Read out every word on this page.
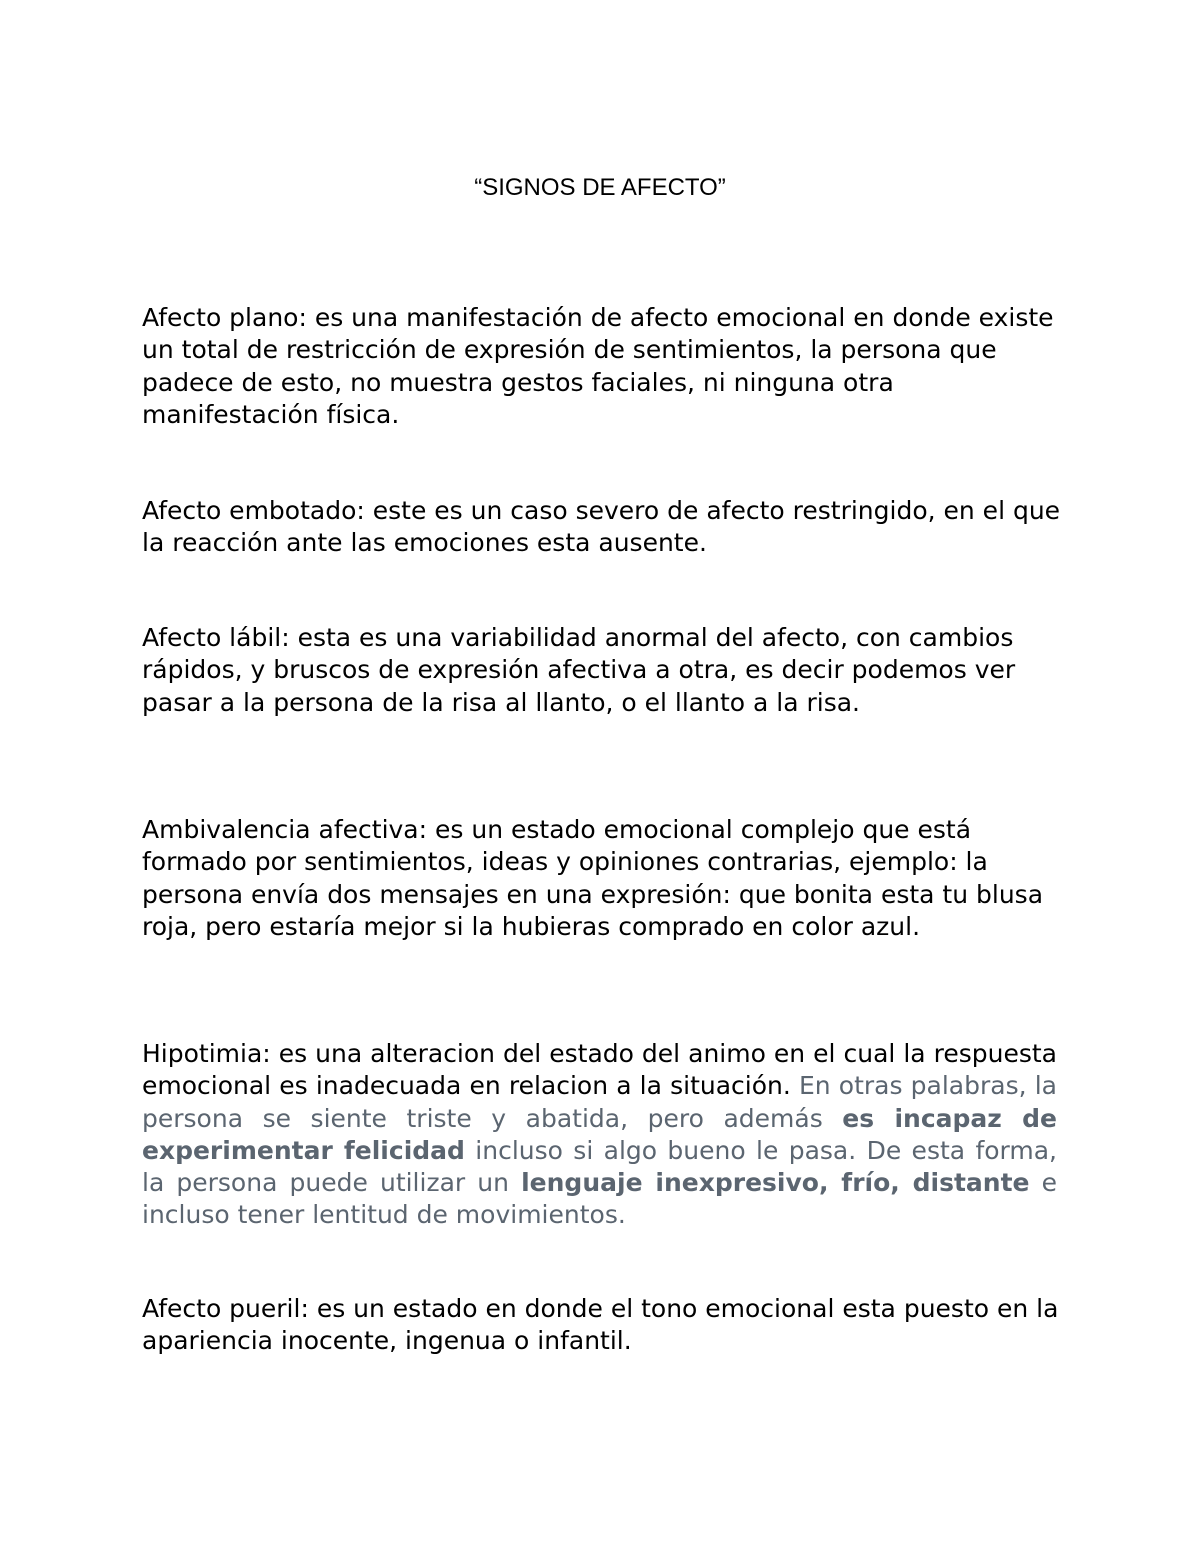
“SIGNOS DE AFECTO”

Afecto plano: es una manifestación de afecto emocional en donde existe un total de restricción de expresión de sentimientos, la persona que padece de esto, no muestra gestos faciales, ni ninguna otra manifestación física.

Afecto embotado: este es un caso severo de afecto restringido, en el que la reacción ante las emociones esta ausente.

Afecto lábil: esta es una variabilidad anormal del afecto, con cambios rápidos, y bruscos de expresión afectiva a otra, es decir podemos ver pasar a la persona de la risa al llanto, o el llanto a la risa.

Ambivalencia afectiva: es un estado emocional complejo que está formado por sentimientos, ideas y opiniones contrarias, ejemplo: la persona envía dos mensajes en una expresión: que bonita esta tu blusa roja, pero estaría mejor si la hubieras comprado en color azul.

Hipotimia: es una alteracion del estado del animo en el cual la respuesta emocional es inadecuada en relacion a la situación. En otras palabras, la persona se siente triste y abatida, pero además es incapaz de experimentar felicidad incluso si algo bueno le pasa. De esta forma, la persona puede utilizar un lenguaje inexpresivo, frío, distante e incluso tener lentitud de movimientos.

Afecto pueril: es un estado en donde el tono emocional esta puesto en la apariencia inocente, ingenua o infantil.
